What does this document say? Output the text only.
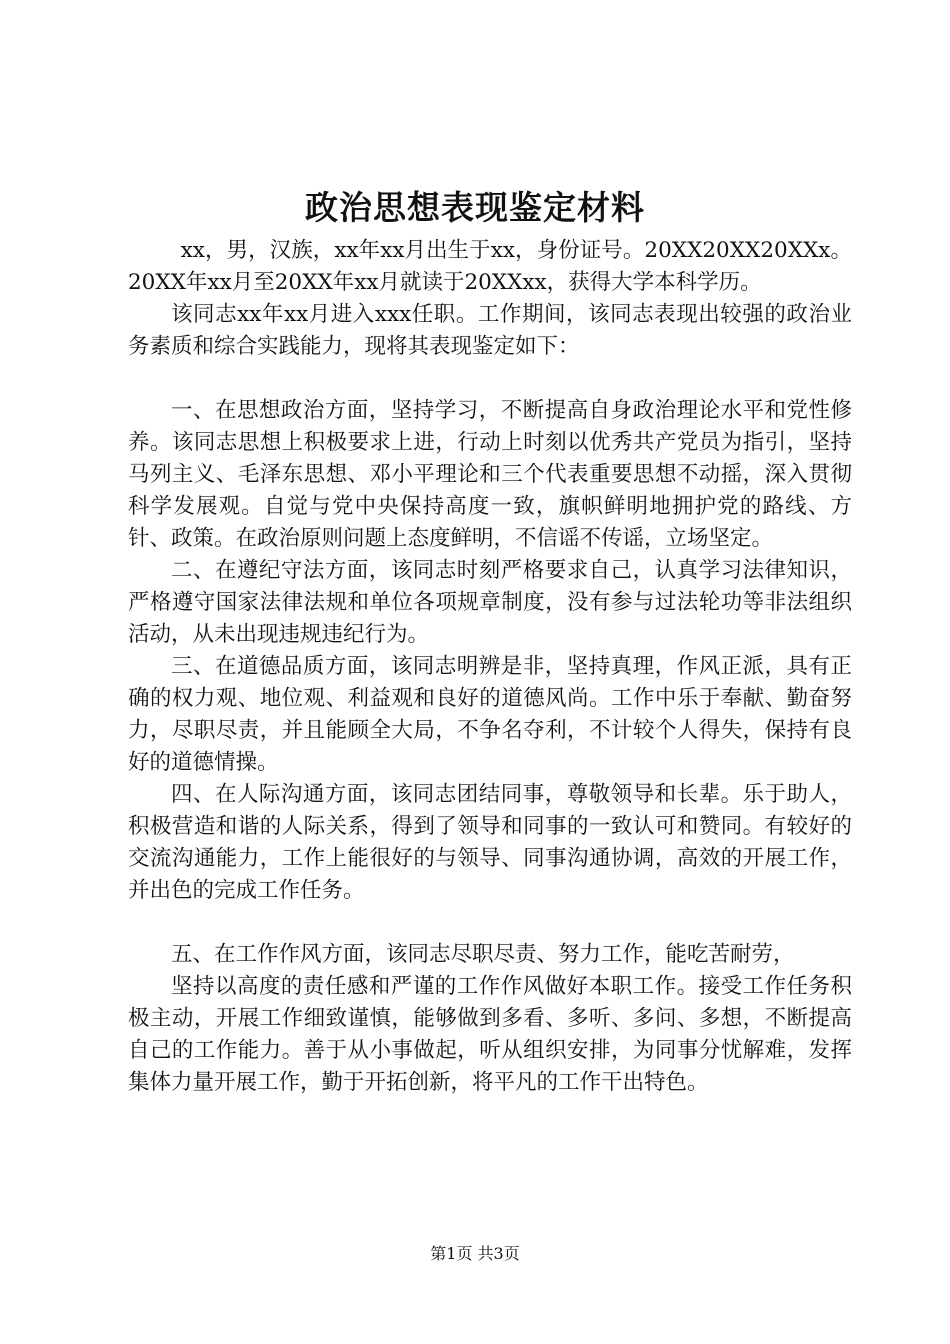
政治思想表现鉴定材料

xx，男，汉族，xx年xx月出生于xx，身份证号。20XX20XX20XXx。20XX年xx月至20XX年xx月就读于20XXxx，获得大学本科学历。

该同志xx年xx月进入xxx任职。工作期间，该同志表现出较强的政治业务素质和综合实践能力，现将其表现鉴定如下：

一、在思想政治方面，坚持学习，不断提高自身政治理论水平和党性修养。该同志思想上积极要求上进，行动上时刻以优秀共产党员为指引，坚持马列主义、毛泽东思想、邓小平理论和三个代表重要思想不动摇，深入贯彻科学发展观。自觉与党中央保持高度一致，旗帜鲜明地拥护党的路线、方针、政策。在政治原则问题上态度鲜明，不信谣不传谣，立场坚定。

二、在遵纪守法方面，该同志时刻严格要求自己，认真学习法律知识，严格遵守国家法律法规和单位各项规章制度，没有参与过法轮功等非法组织活动，从未出现违规违纪行为。

三、在道德品质方面，该同志明辨是非，坚持真理，作风正派，具有正确的权力观、地位观、利益观和良好的道德风尚。工作中乐于奉献、勤奋努力，尽职尽责，并且能顾全大局，不争名夺利，不计较个人得失，保持有良好的道德情操。

四、在人际沟通方面，该同志团结同事，尊敬领导和长辈。乐于助人，积极营造和谐的人际关系，得到了领导和同事的一致认可和赞同。有较好的交流沟通能力，工作上能很好的与领导、同事沟通协调，高效的开展工作，并出色的完成工作任务。

五、在工作作风方面，该同志尽职尽责、努力工作，能吃苦耐劳，

坚持以高度的责任感和严谨的工作作风做好本职工作。接受工作任务积极主动，开展工作细致谨慎，能够做到多看、多听、多问、多想，不断提高自己的工作能力。善于从小事做起，听从组织安排，为同事分忧解难，发挥集体力量开展工作，勤于开拓创新，将平凡的工作干出特色。

第1页 共3页
